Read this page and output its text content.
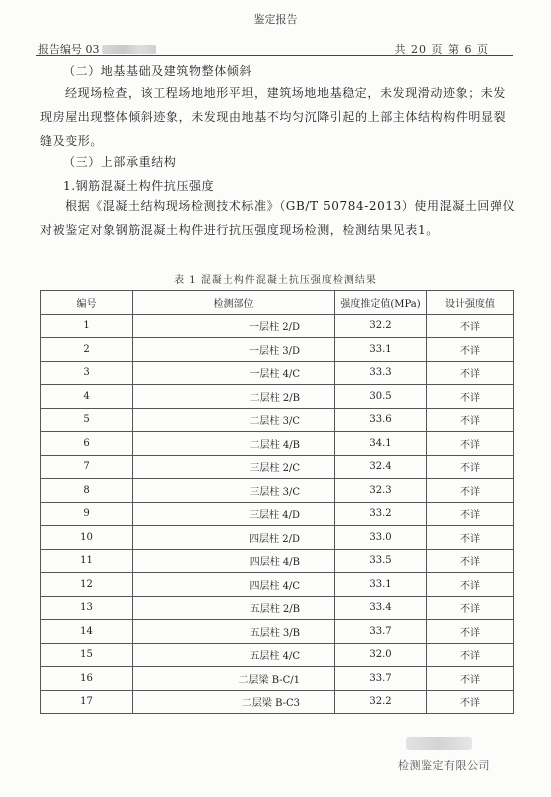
鉴定报告
报告编号 03	共 20 页 第 6 页
（二）地基基础及建筑物整体倾斜
经现场检查，该工程场地地形平坦，建筑场地地基稳定，未发现滑动迹象；未发现房屋出现整体倾斜迹象，未发现由地基不均匀沉降引起的上部主体结构构件明显裂缝及变形。
（三）上部承重结构
1.钢筋混凝土构件抗压强度
根据《混凝土结构现场检测技术标准》（GB/T 50784-2013）使用混凝土回弹仪对被鉴定对象钢筋混凝土构件进行抗压强度现场检测，检测结果见表1。
表 1 混凝土构件混凝土抗压强度检测结果
编号	检测部位	强度推定值(MPa)	设计强度值
1	一层柱 2/D	32.2	不详
2	一层柱 3/D	33.1	不详
3	一层柱 4/C	33.3	不详
4	二层柱 2/B	30.5	不详
5	二层柱 3/C	33.6	不详
6	二层柱 4/B	34.1	不详
7	三层柱 2/C	32.4	不详
8	三层柱 3/C	32.3	不详
9	三层柱 4/D	33.2	不详
10	四层柱 2/D	33.0	不详
11	四层柱 4/B	33.5	不详
12	四层柱 4/C	33.1	不详
13	五层柱 2/B	33.4	不详
14	五层柱 3/B	33.7	不详
15	五层柱 4/C	32.0	不详
16	二层梁 B-C/1	33.7	不详
17	二层梁 B-C3	32.2	不详
检测鉴定有限公司
